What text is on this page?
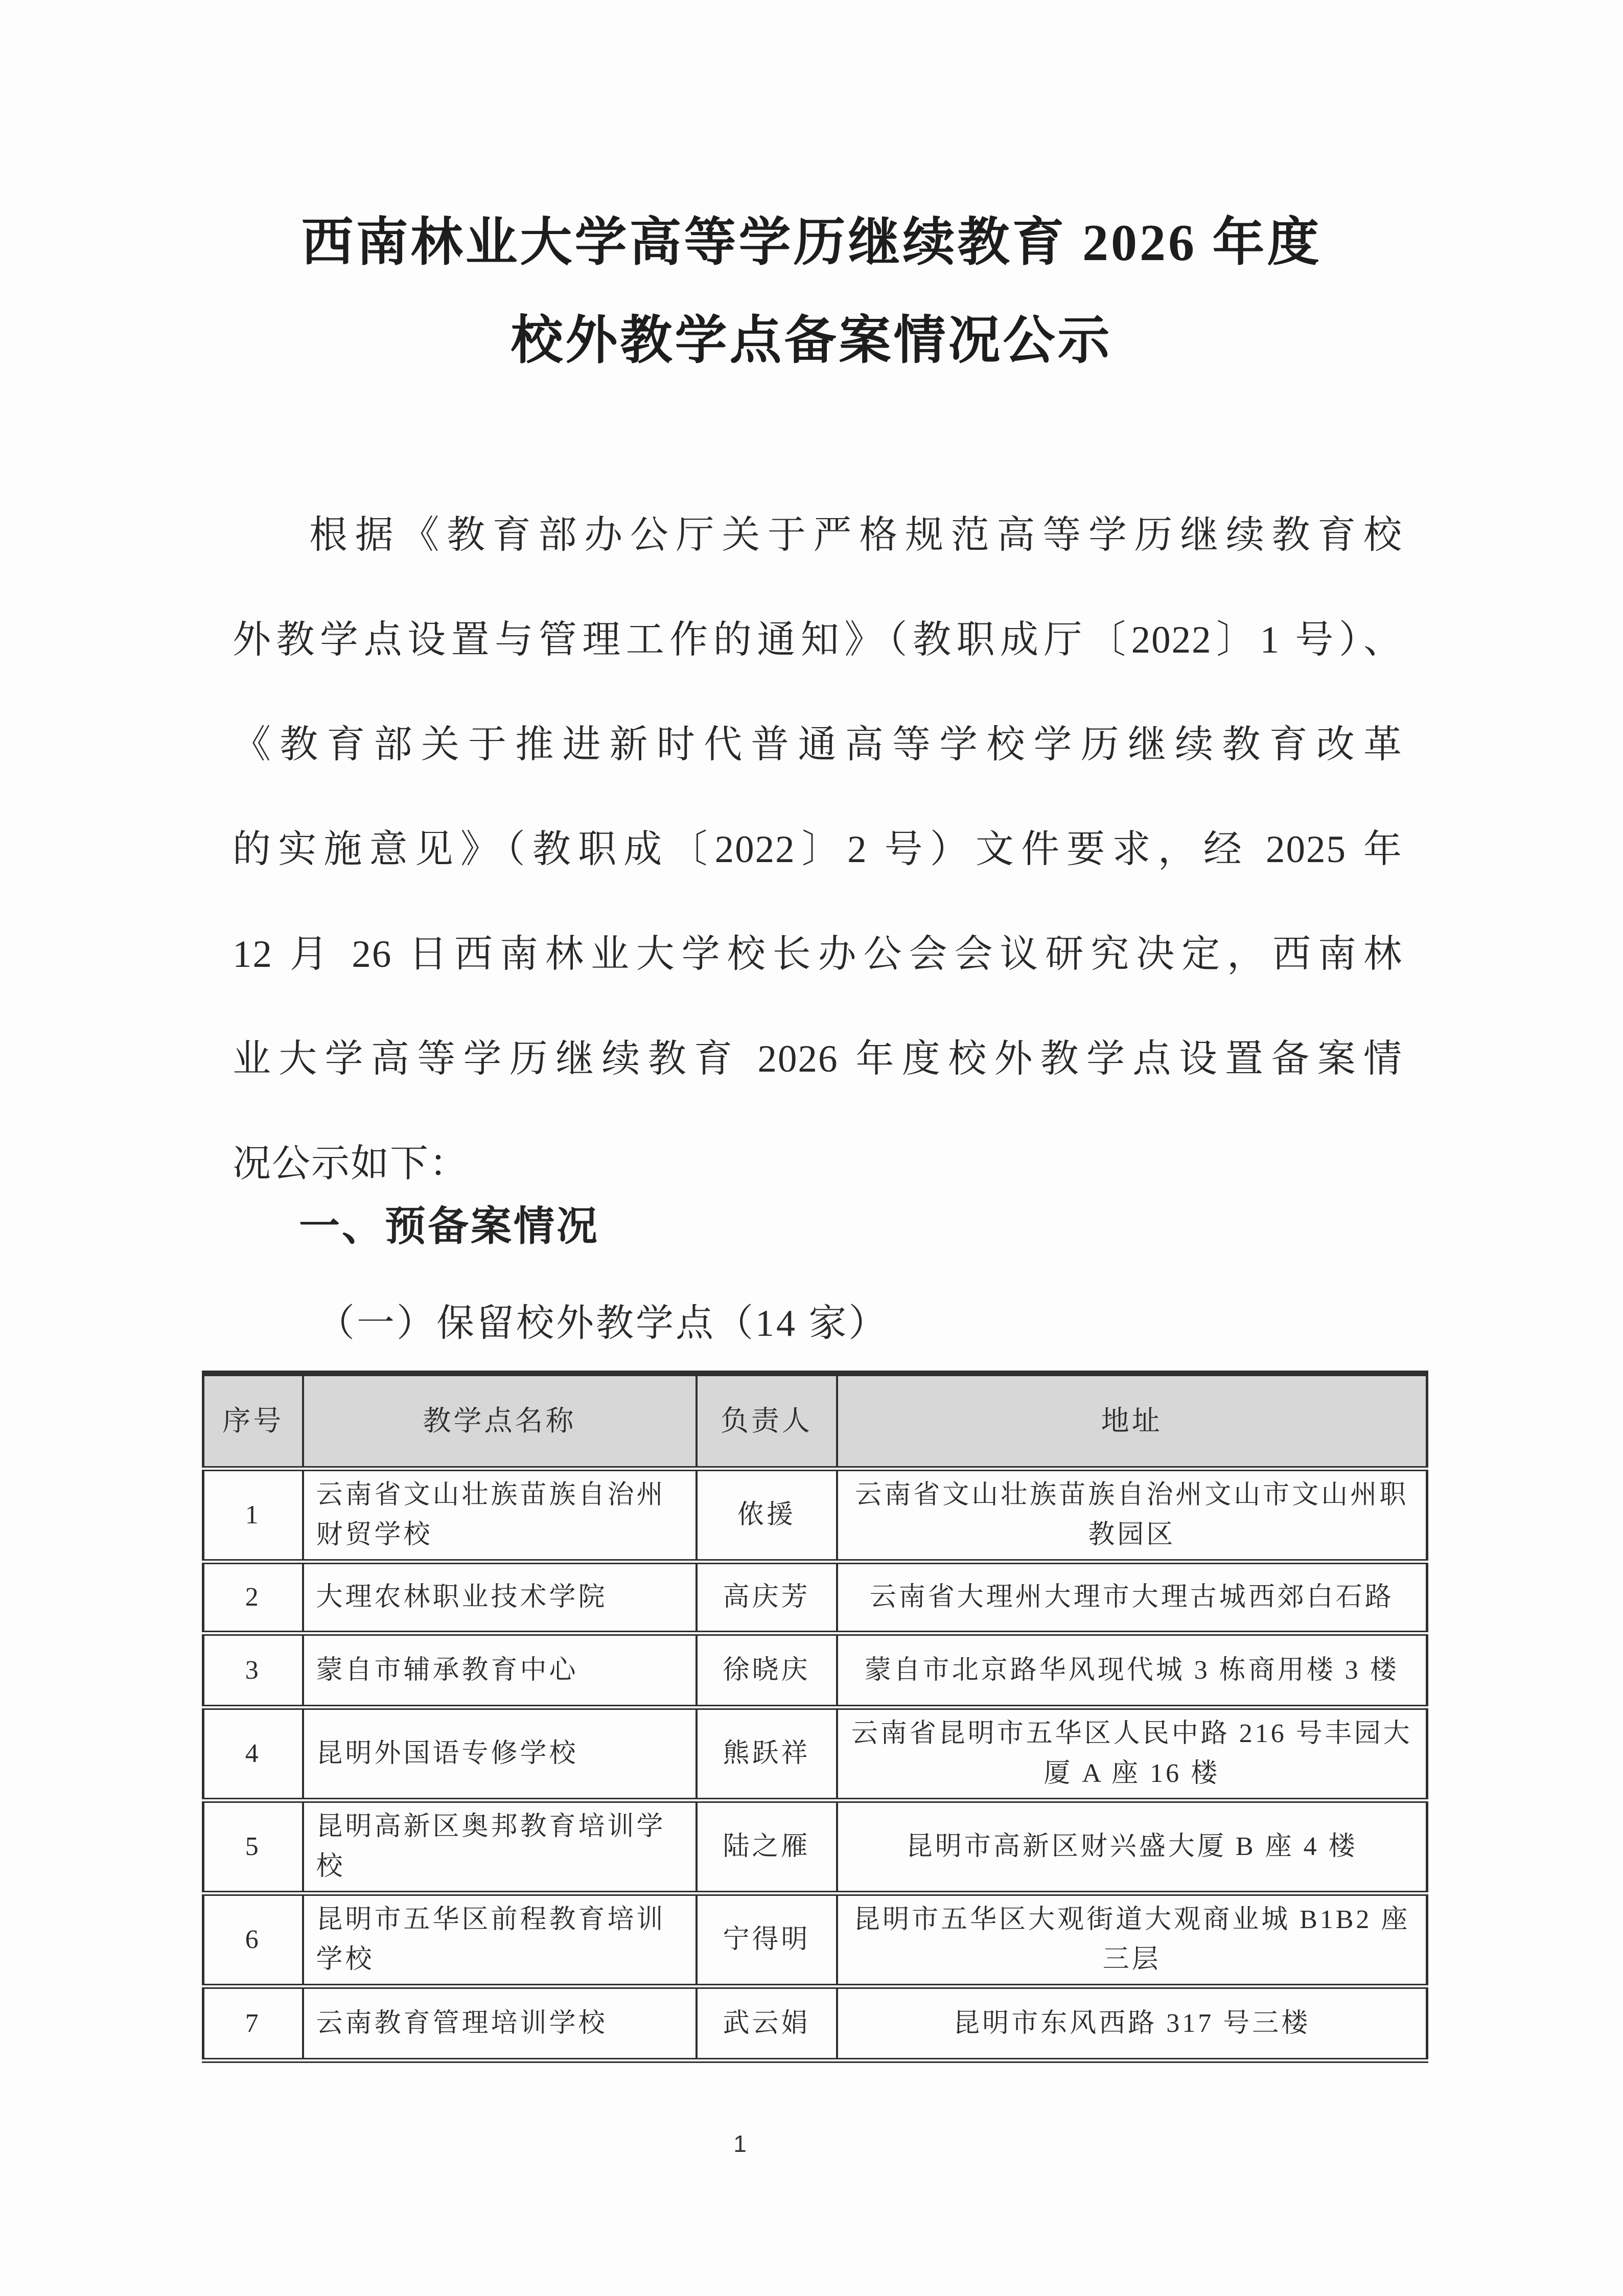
西南林业大学高等学历继续教育 2026 年度
校外教学点备案情况公示
根据《教育部办公厅关于严格规范高等学历继续教育校
外教学点设置与管理工作的通知》（教职成厅〔2022〕1 号）、
《教育部关于推进新时代普通高等学校学历继续教育改革
的实施意见》（教职成〔2022〕2 号）文件要求，经 2025 年
12 月 26 日西南林业大学校长办公会会议研究决定，西南林
业大学高等学历继续教育 2026 年度校外教学点设置备案情
况公示如下：
一、预备案情况
（一）保留校外教学点（14 家）
序号	教学点名称	负责人	地址
1	云南省文山壮族苗族自治州财贸学校	侬援	云南省文山壮族苗族自治州文山市文山州职教园区
2	大理农林职业技术学院	高庆芳	云南省大理州大理市大理古城西郊白石路
3	蒙自市辅承教育中心	徐晓庆	蒙自市北京路华风现代城 3 栋商用楼 3 楼
4	昆明外国语专修学校	熊跃祥	云南省昆明市五华区人民中路 216 号丰园大厦 A 座 16 楼
5	昆明高新区奥邦教育培训学校	陆之雁	昆明市高新区财兴盛大厦 B 座 4 楼
6	昆明市五华区前程教育培训学校	宁得明	昆明市五华区大观街道大观商业城 B1B2 座三层
7	云南教育管理培训学校	武云娟	昆明市东风西路 317 号三楼
1
